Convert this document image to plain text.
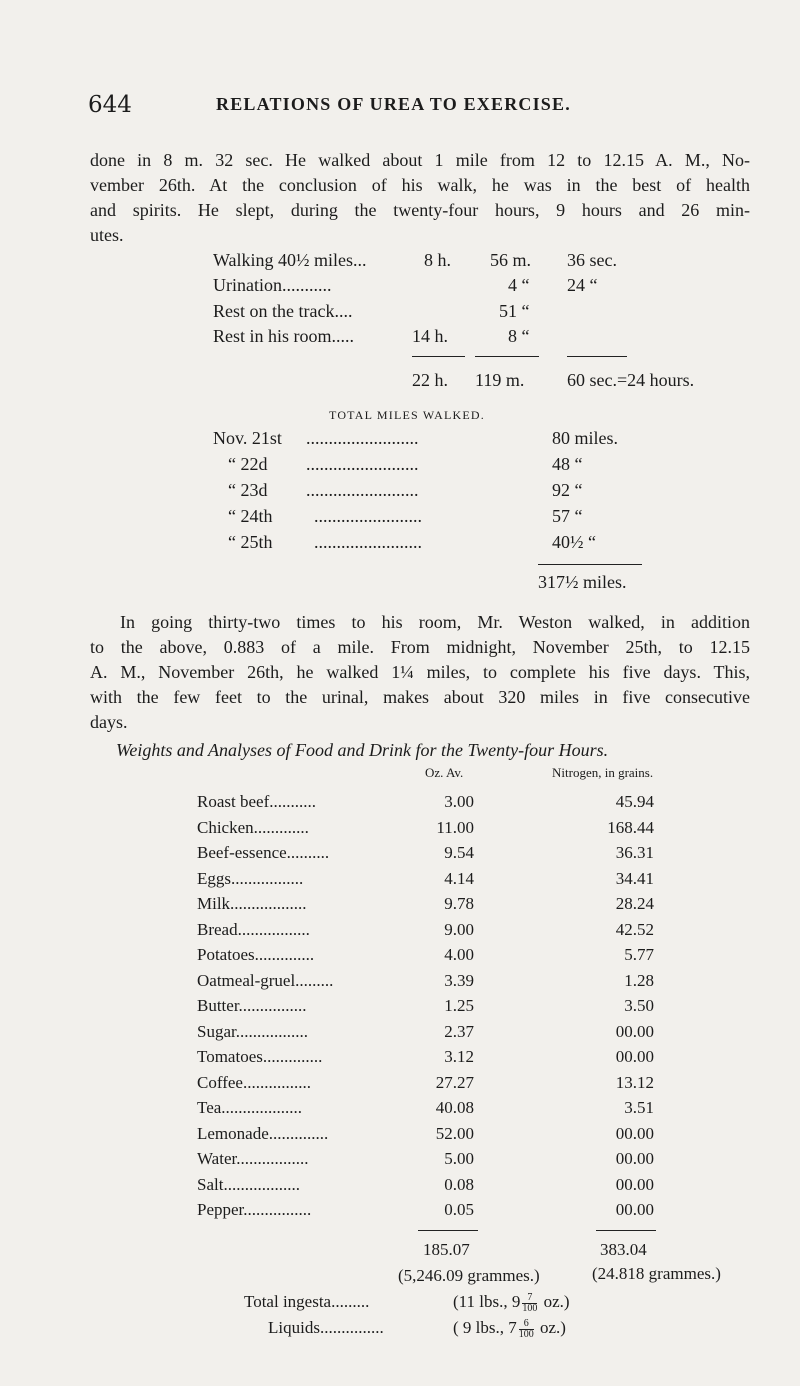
644	RELATIONS OF UREA TO EXERCISE.
done in 8 m. 32 sec. He walked about 1 mile from 12 to 12.15 A. M., No-
vember 26th. At the conclusion of his walk, he was in the best of health
and spirits. He slept, during the twenty-four hours, 9 hours and 26 min-
utes.
Walking 40½ miles...	8 h. 56 m. 36 sec.
Urination...........	4 “ 24 “
Rest on the track....	51 “
Rest in his room.....	14 h.	8 “
22 h. 119 m. 60 sec.=24 hours.
TOTAL MILES WALKED.
Nov. 21st .........................	80 miles.
“ 22d .........................	48 “
“ 23d .........................	92 “
“ 24th ........................	57 “
“ 25th ........................	40½ “
317½ miles.
In going thirty-two times to his room, Mr. Weston walked, in addition
to the above, 0.883 of a mile. From midnight, November 25th, to 12.15
A. M., November 26th, he walked 1¼ miles, to complete his five days. This,
with the few feet to the urinal, makes about 320 miles in five consecutive
days.
Weights and Analyses of Food and Drink for the Twenty-four Hours.
Oz. Av.	Nitrogen, in grains.
Roast beef...........	3.00	45.94
Chicken.............	11.00	168.44
Beef-essence..........	9.54	36.31
Eggs.................	4.14	34.41
Milk..................	9.78	28.24
Bread.................	9.00	42.52
Potatoes..............	4.00	5.77
Oatmeal-gruel.........	3.39	1.28
Butter................	1.25	3.50
Sugar.................	2.37	00.00
Tomatoes..............	3.12	00.00
Coffee................	27.27	13.12
Tea...................	40.08	3.51
Lemonade..............	52.00	00.00
Water.................	5.00	00.00
Salt..................	0.08	00.00
Pepper................	0.05	00.00
185.07	383.04
(5,246.09 grammes.)	(24.818 grammes.)
Total ingesta.........	(11 lbs., $9 \frac{7}{100} oz$.)
Liquids...............	( 9 lbs., $7 \frac{6}{100} oz$.)
